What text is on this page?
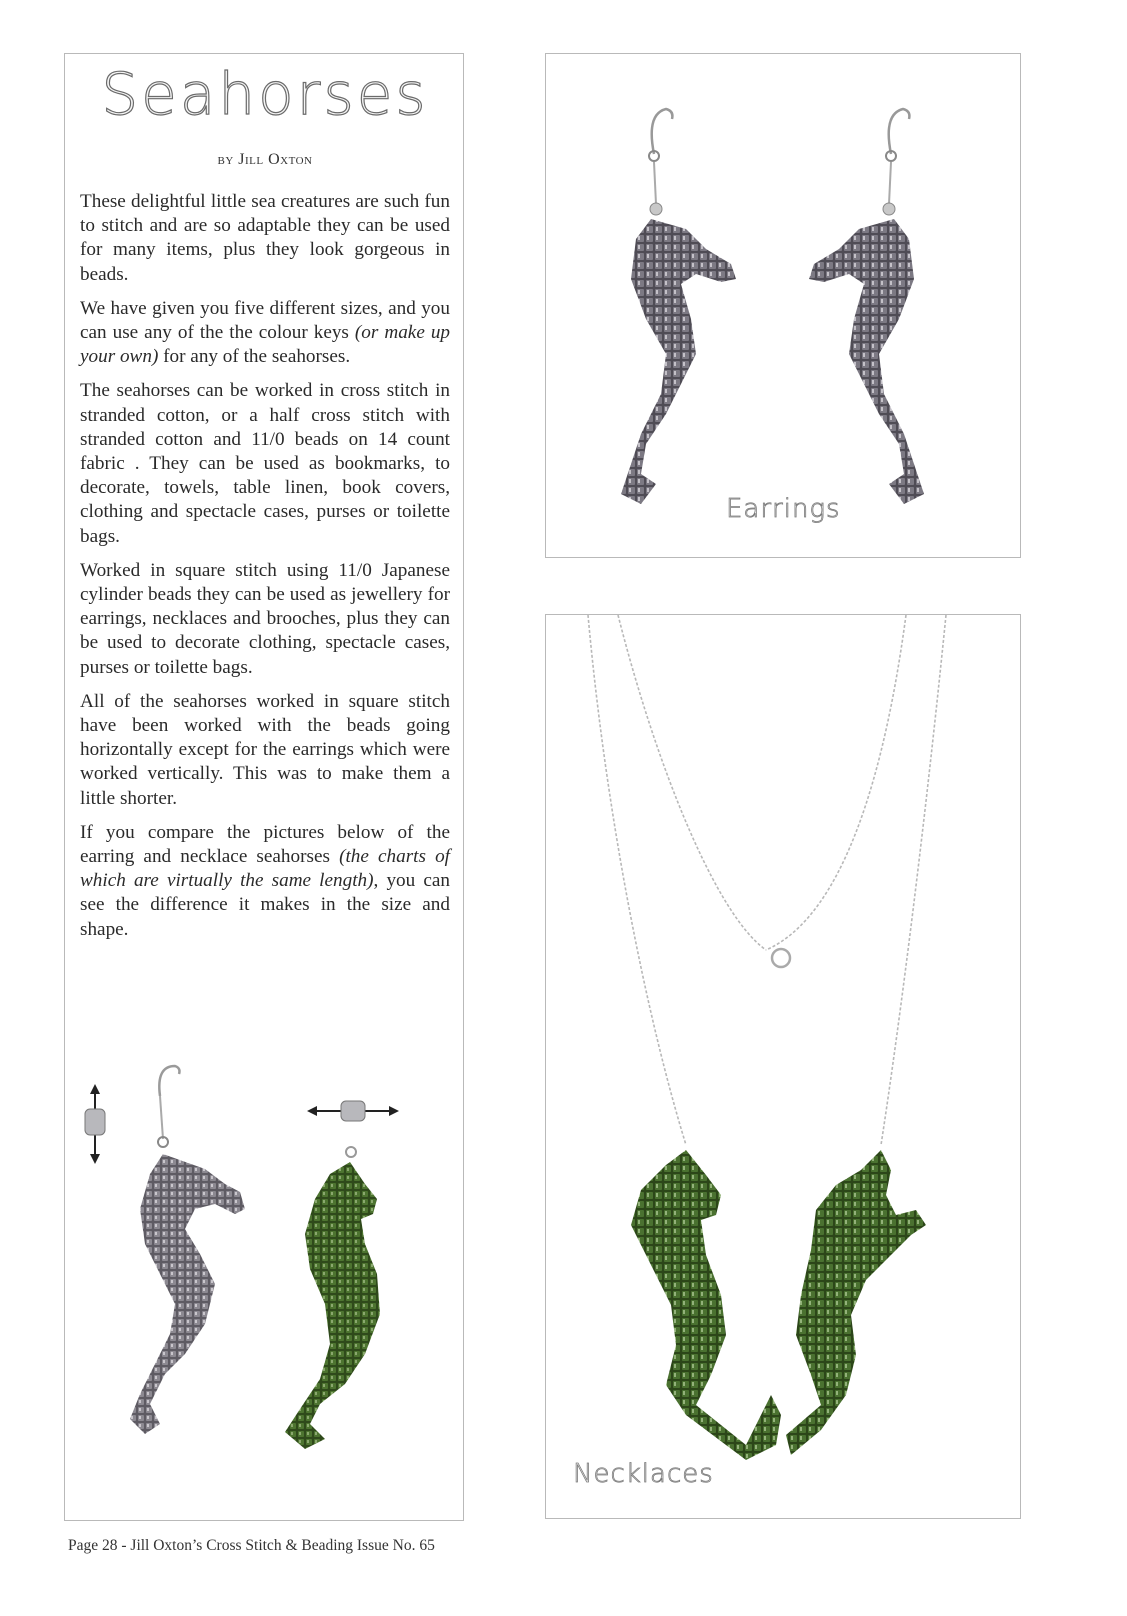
Seahorses
by Jill Oxton

These delightful little sea creatures are such fun to stitch and are so adaptable they can be used for many items, plus they look gorgeous in beads.

We have given you five different sizes, and you can use any of the the colour keys (or make up your own) for any of the seahorses.

The seahorses can be worked in cross stitch in stranded cotton, or a half cross stitch with stranded cotton and 11/0 beads on 14 count fabric . They can be used as bookmarks, to decorate, towels, table linen, book covers, clothing and spectacle cases, purses or toilette bags.

Worked in square stitch using 11/0 Japanese cylinder beads they can be used as jewellery for earrings, necklaces and brooches, plus they can be used to decorate clothing, spectacle cases, purses or toilette bags.

All of the seahorses worked in square stitch have been worked with the beads going horizontally except for the earrings which were worked vertically. This was to make them a little shorter.

If you compare the pictures below of the earring and necklace seahorses (the charts of which are virtually the same length), you can see the difference it makes in the size and shape.

Earrings
Necklaces
Page 28 - Jill Oxton’s Cross Stitch & Beading Issue No. 65
